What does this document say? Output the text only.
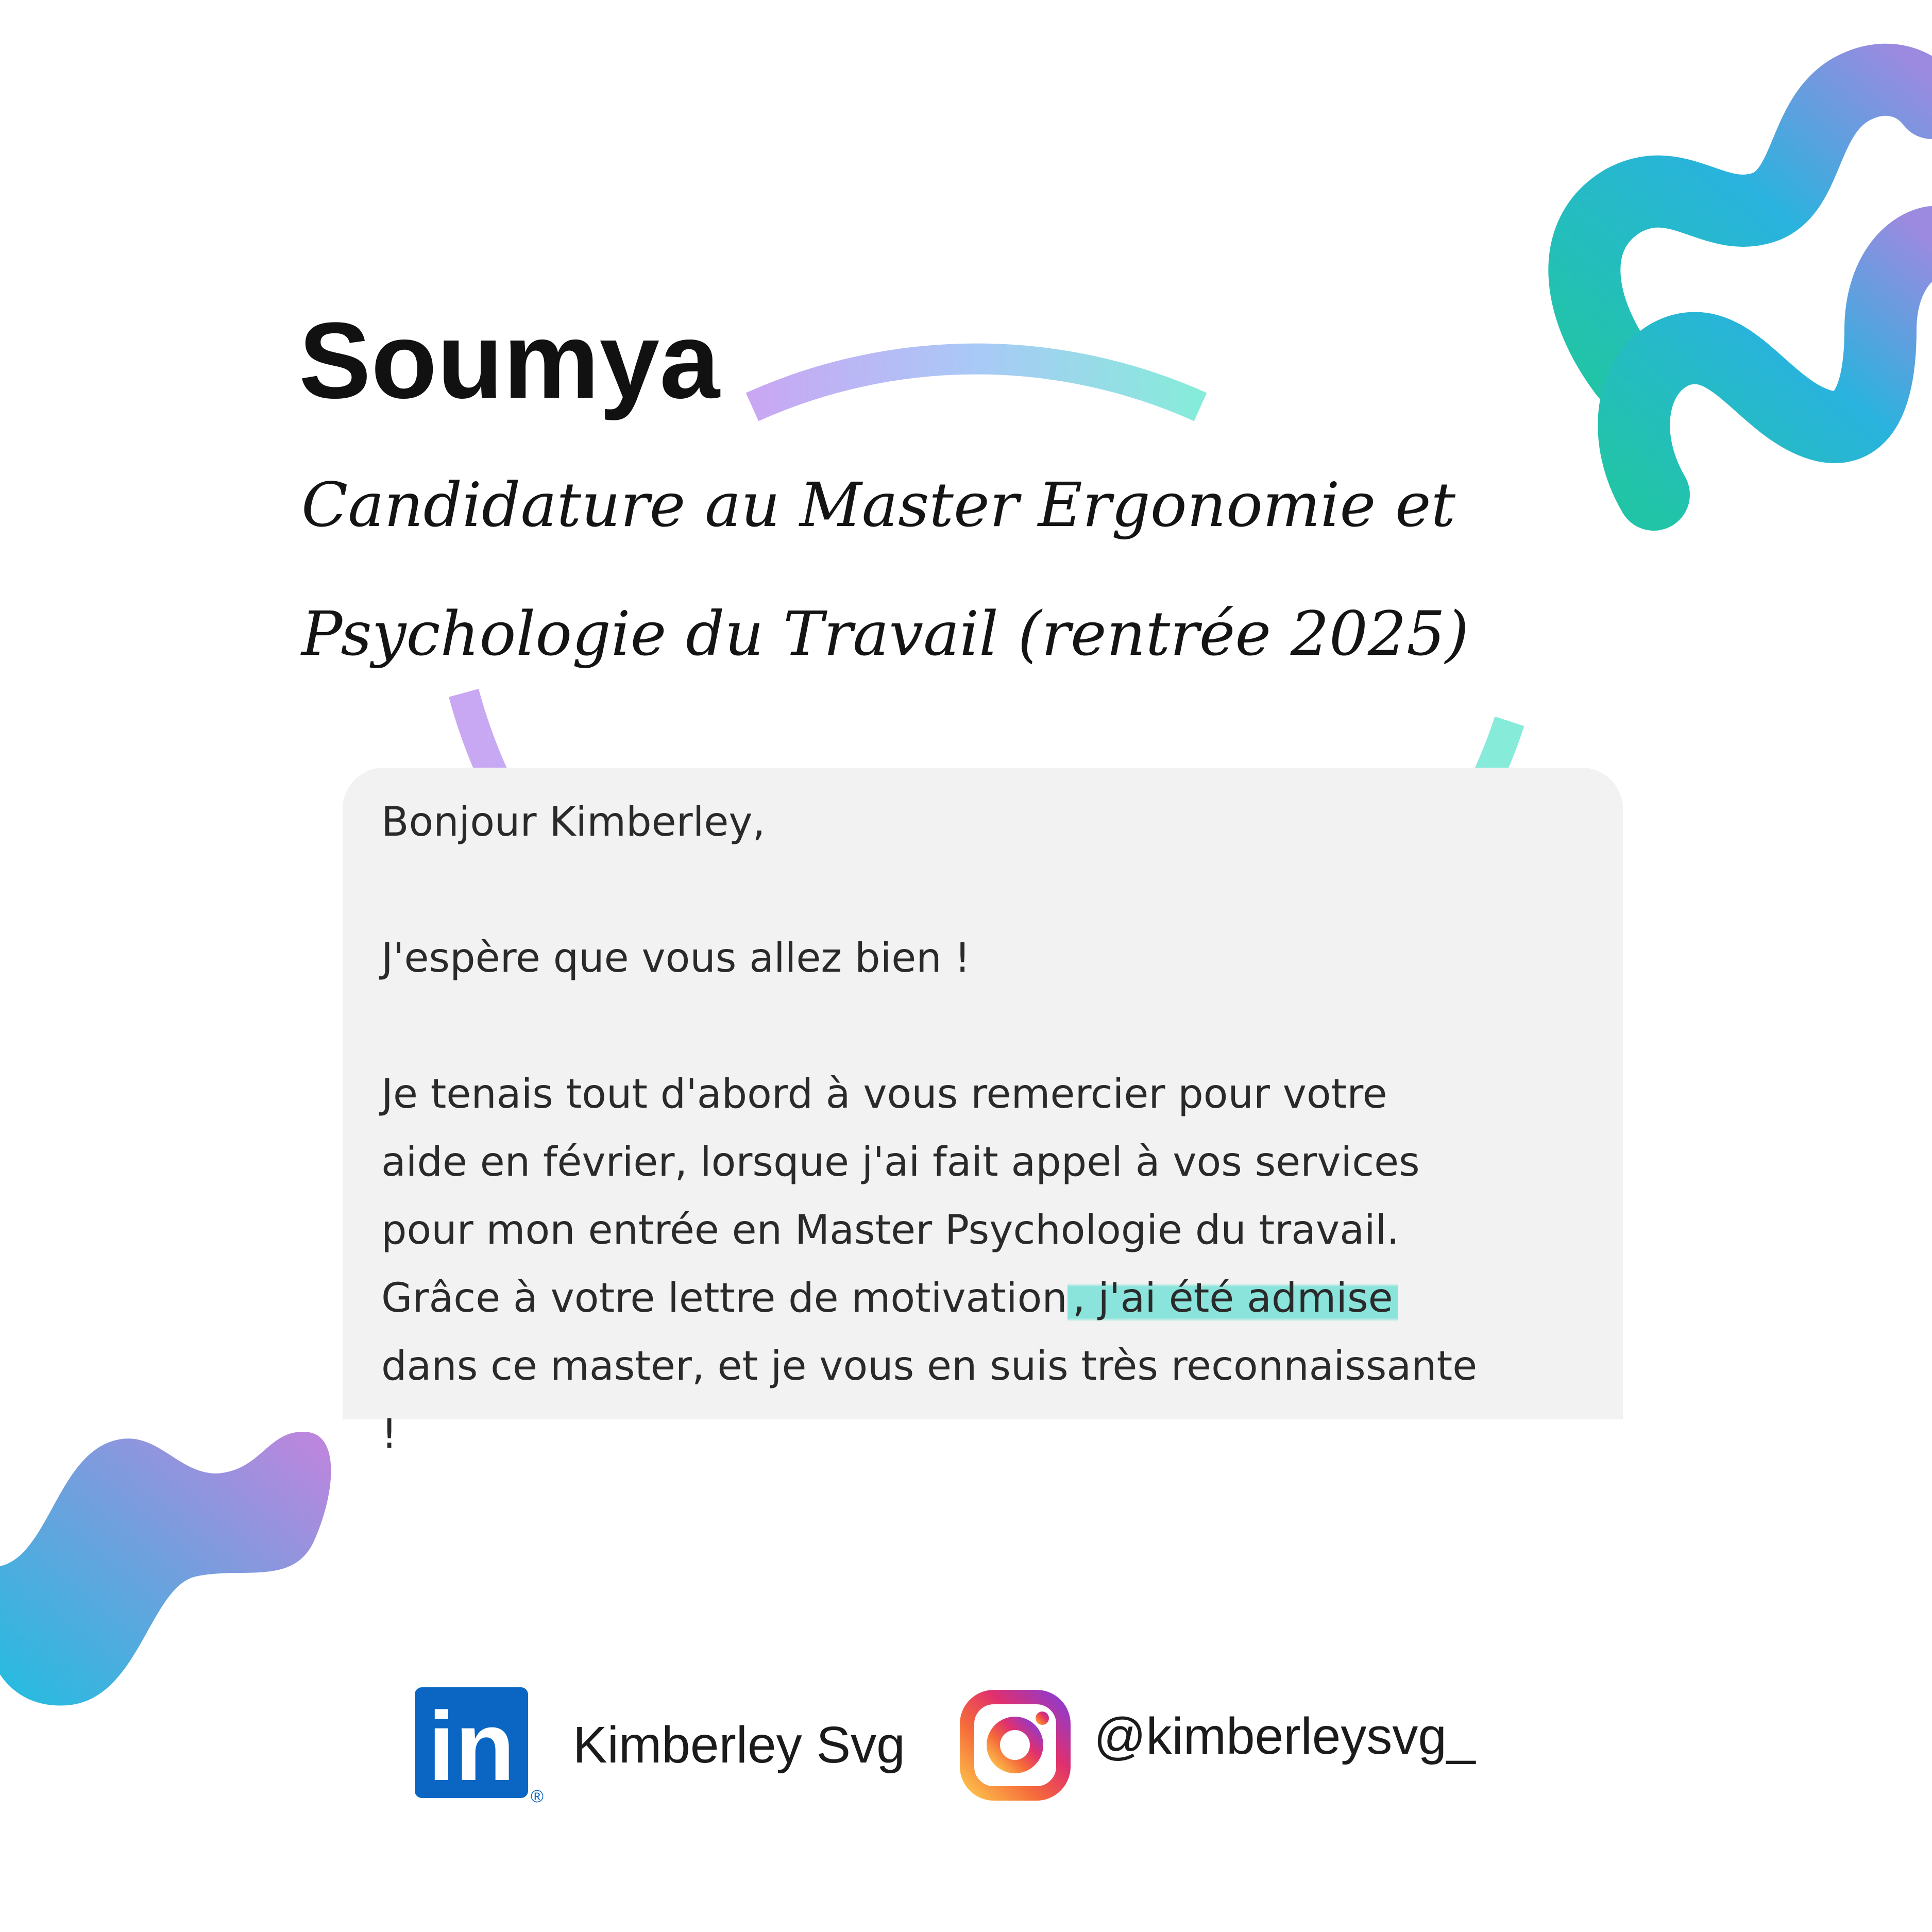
Soumya

Candidature au Master Ergonomie et Psychologie du Travail (rentrée 2025)

Bonjour Kimberley,

J'espère que vous allez bien !

Je tenais tout d'abord à vous remercier pour votre
aide en février, lorsque j'ai fait appel à vos services
pour mon entrée en Master Psychologie du travail.
Grâce à votre lettre de motivation , j'ai été admise
dans ce master, et je vous en suis très reconnaissante
!

in Kimberley Svg
®
@kimberleysvg_
